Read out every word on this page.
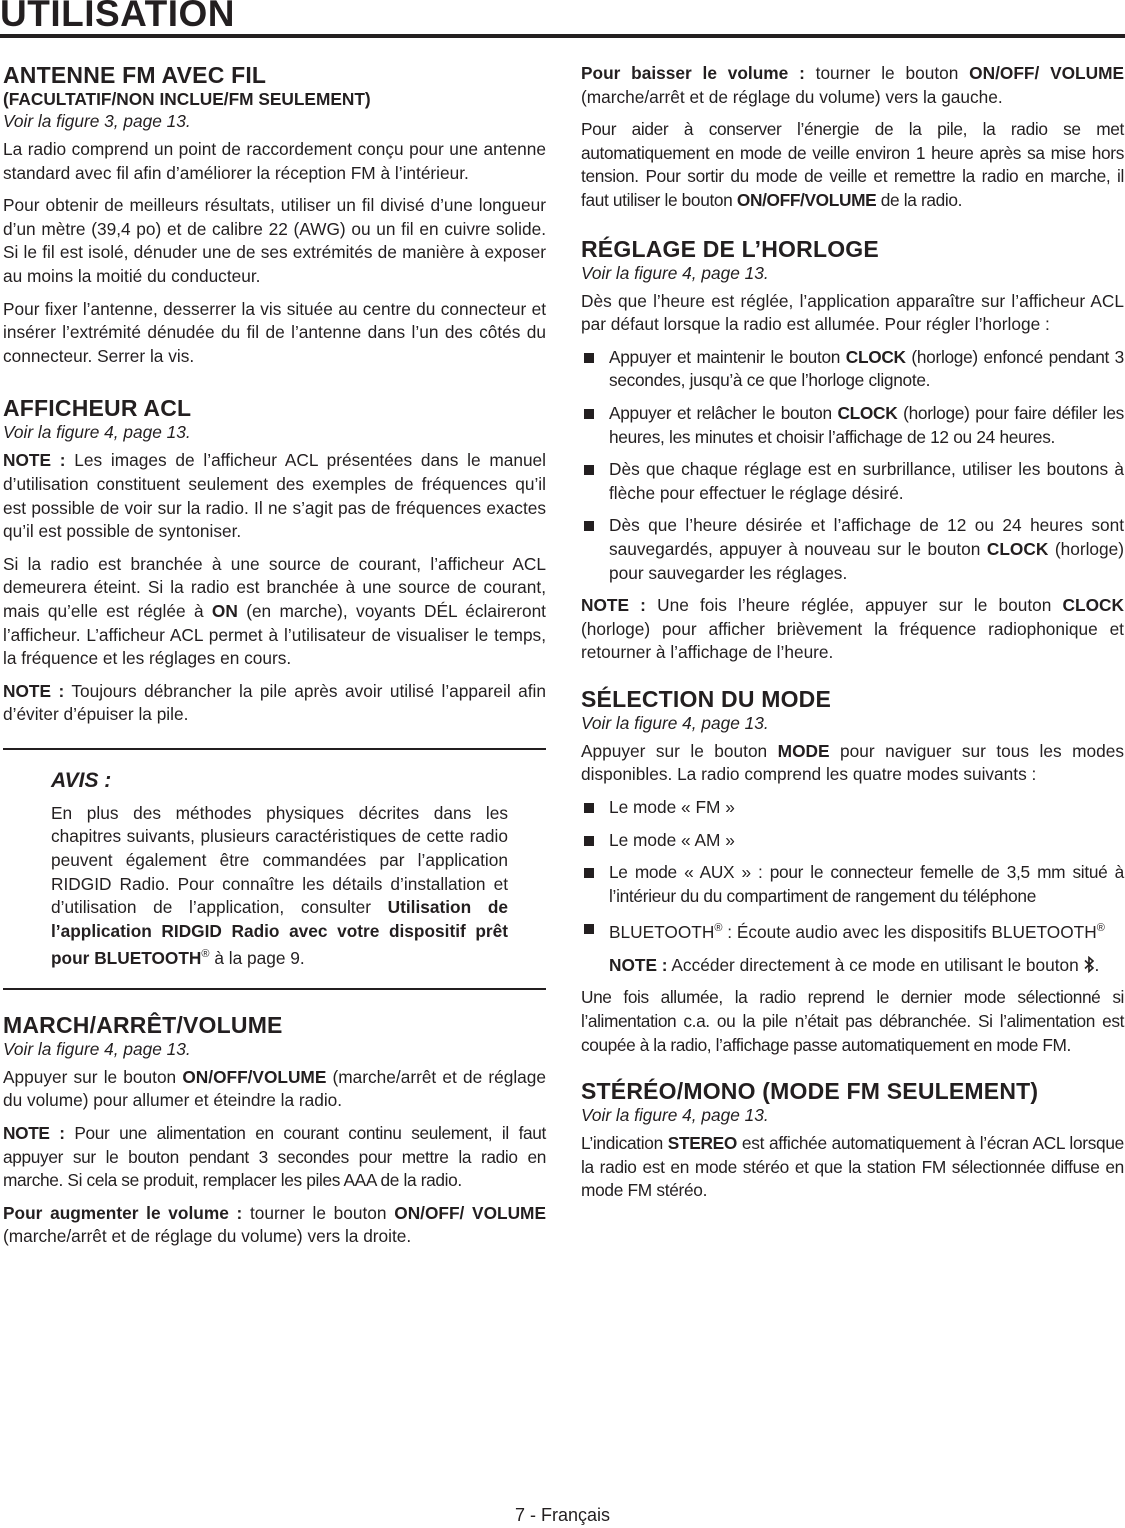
UTILISATION
ANTENNE FM AVEC FIL
(FACULTATIF/NON INCLUE/FM SEULEMENT)
Voir la figure 3, page 13.

La radio comprend un point de raccordement conçu pour une antenne standard avec fil afin d’améliorer la réception FM à l’intérieur.

Pour obtenir de meilleurs résultats, utiliser un fil divisé d’une longueur d’un mètre (39,4 po) et de calibre 22 (AWG) ou un fil en cuivre solide. Si le fil est isolé, dénuder une de ses extrémités de manière à exposer au moins la moitié du conducteur.

Pour fixer l’antenne, desserrer la vis située au centre du connecteur et insérer l’extrémité dénudée du fil de l’antenne dans l’un des côtés du connecteur. Serrer la vis.

AFFICHEUR ACL
Voir la figure 4, page 13.

NOTE : Les images de l’afficheur ACL présentées dans le manuel d’utilisation constituent seulement des exemples de fréquences qu’il est possible de voir sur la radio. Il ne s’agit pas de fréquences exactes qu’il est possible de syntoniser.

Si la radio est branchée à une source de courant, l’afficheur ACL demeurera éteint. Si la radio est branchée à une source de courant, mais qu’elle est réglée à ON (en marche), voyants DÉL éclaireront l’afficheur. L’afficheur ACL permet à l’utilisateur de visualiser le temps, la fréquence et les réglages en cours.

NOTE : Toujours débrancher la pile après avoir utilisé l’appareil afin d’éviter d’épuiser la pile.

AVIS :

En plus des méthodes physiques décrites dans les chapitres suivants, plusieurs caractéristiques de cette radio peuvent également être commandées par l’application RIDGID Radio. Pour connaître les détails d’installation et d’utilisation de l’application, consulter Utilisation de l’application RIDGID Radio avec votre dispositif prêt pour BLUETOOTH® à la page 9.

MARCH/ARRÊT/VOLUME
Voir la figure 4, page 13.

Appuyer sur le bouton ON/OFF/VOLUME (marche/arrêt et de réglage du volume) pour allumer et éteindre la radio.

NOTE : Pour une alimentation en courant continu seulement, il faut appuyer sur le bouton pendant 3 secondes pour mettre la radio en marche. Si cela se produit, remplacer les piles AAA de la radio.

Pour augmenter le volume : tourner le bouton ON/OFF/ VOLUME (marche/arrêt et de réglage du volume) vers la droite.

Pour baisser le volume : tourner le bouton ON/OFF/ VOLUME (marche/arrêt et de réglage du volume) vers la gauche.

Pour aider à conserver l’énergie de la pile, la radio se met automatiquement en mode de veille environ 1 heure après sa mise hors tension. Pour sortir du mode de veille et remettre la radio en marche, il faut utiliser le bouton ON/OFF/VOLUME de la radio.

RÉGLAGE DE L’HORLOGE
Voir la figure 4, page 13.

Dès que l’heure est réglée, l’application apparaître sur l’afficheur ACL par défaut lorsque la radio est allumée. Pour régler l’horloge :

Appuyer et maintenir le bouton CLOCK (horloge) enfoncé pendant 3 secondes, jusqu’à ce que l’horloge clignote.
Appuyer et relâcher le bouton CLOCK (horloge) pour faire défiler les heures, les minutes et choisir l’affichage de 12 ou 24 heures.
Dès que chaque réglage est en surbrillance, utiliser les boutons à flèche pour effectuer le réglage désiré.
Dès que l’heure désirée et l’affichage de 12 ou 24 heures sont sauvegardés, appuyer à nouveau sur le bouton CLOCK (horloge) pour sauvegarder les réglages.

NOTE : Une fois l’heure réglée, appuyer sur le bouton CLOCK (horloge) pour afficher brièvement la fréquence radiophonique et retourner à l’affichage de l’heure.

SÉLECTION DU MODE
Voir la figure 4, page 13.

Appuyer sur le bouton MODE pour naviguer sur tous les modes disponibles. La radio comprend les quatre modes suivants :

Le mode « FM »
Le mode « AM »
Le mode « AUX » : pour le connecteur femelle de 3,5 mm situé à l’intérieur du du compartiment de rangement du téléphone
BLUETOOTH® : Écoute audio avec les dispositifs BLUETOOTH®

NOTE : Accéder directement à ce mode en utilisant le bouton .

Une fois allumée, la radio reprend le dernier mode sélectionné si l’alimentation c.a. ou la pile n’était pas débranchée. Si l’alimentation est coupée à la radio, l’affichage passe automatiquement en mode FM.

STÉRÉO/MONO (MODE FM SEULEMENT)
Voir la figure 4, page 13.

L’indication STEREO est affichée automatiquement à l’écran ACL lorsque la radio est en mode stéréo et que la station FM sélectionnée diffuse en mode FM stéréo.

7 - Français
